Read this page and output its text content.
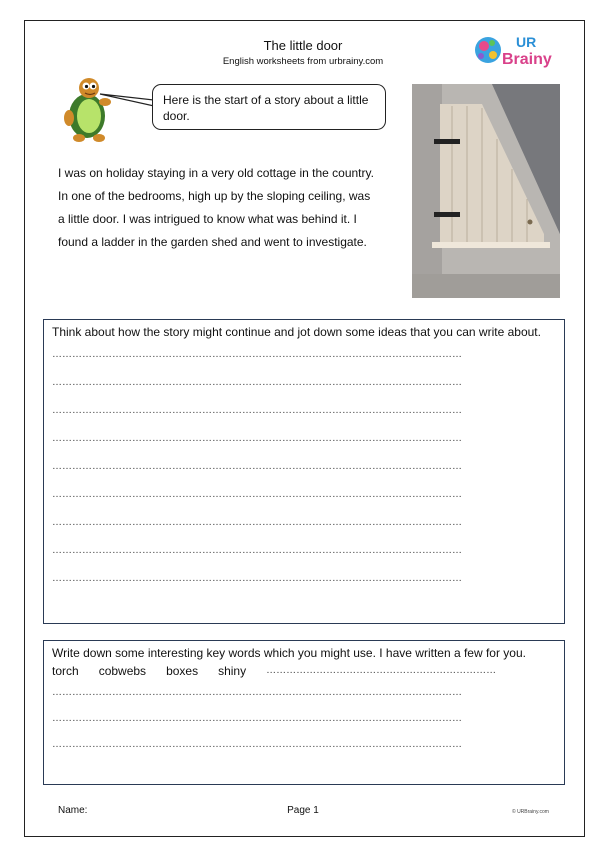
The little door
English worksheets from urbrainy.com
UR
Brainy
Here is the start of a story about a little door.
I was on holiday staying in a very old cottage in the country. In one of the bedrooms, high up by the sloping ceiling, was a little door. I was intrigued to know what was behind it. I found a ladder in the garden shed and went to investigate.
Think about how the story might continue and jot down some ideas that you can write about.
……………………………………………………………………………………………………………
……………………………………………………………………………………………………………
……………………………………………………………………………………………………………
……………………………………………………………………………………………………………
……………………………………………………………………………………………………………
……………………………………………………………………………………………………………
……………………………………………………………………………………………………………
……………………………………………………………………………………………………………
……………………………………………………………………………………………………………
Write down some interesting key words which you might use. I have written a few for you.
torch cobwebs boxes shiny ……………………………………………………………
……………………………………………………………………………………………………………
……………………………………………………………………………………………………………
……………………………………………………………………………………………………………
Name:	Page 1	© URBrainy.com
